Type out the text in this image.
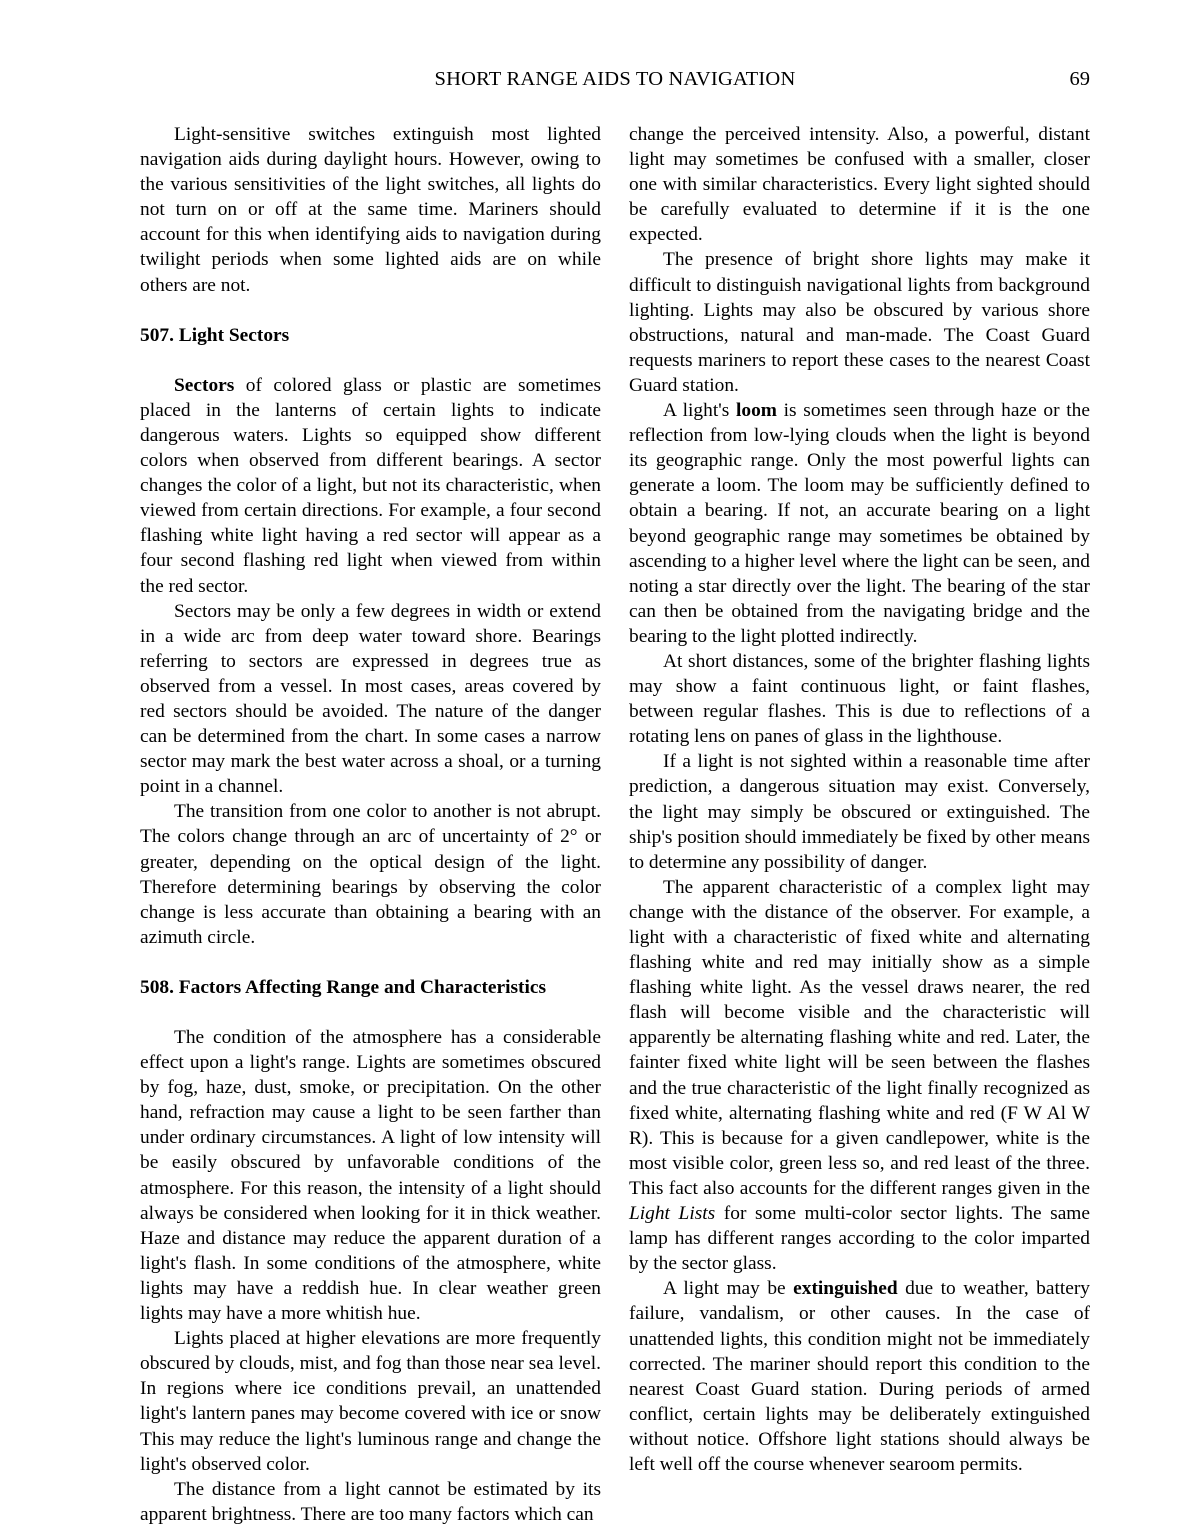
SHORT RANGE AIDS TO NAVIGATION	69

Light-sensitive switches extinguish most lighted navigation aids during daylight hours. However, owing to the various sensitivities of the light switches, all lights do not turn on or off at the same time. Mariners should account for this when identifying aids to navigation during twilight periods when some lighted aids are on while others are not.

507. Light Sectors

Sectors of colored glass or plastic are sometimes placed in the lanterns of certain lights to indicate dangerous waters. Lights so equipped show different colors when observed from different bearings. A sector changes the color of a light, but not its characteristic, when viewed from certain directions. For example, a four second flashing white light having a red sector will appear as a four second flashing red light when viewed from within the red sector.

Sectors may be only a few degrees in width or extend in a wide arc from deep water toward shore. Bearings referring to sectors are expressed in degrees true as observed from a vessel. In most cases, areas covered by red sectors should be avoided. The nature of the danger can be determined from the chart. In some cases a narrow sector may mark the best water across a shoal, or a turning point in a channel.

The transition from one color to another is not abrupt. The colors change through an arc of uncertainty of 2° or greater, depending on the optical design of the light. Therefore determining bearings by observing the color change is less accurate than obtaining a bearing with an azimuth circle.

508. Factors Affecting Range and Characteristics

The condition of the atmosphere has a considerable effect upon a light's range. Lights are sometimes obscured by fog, haze, dust, smoke, or precipitation. On the other hand, refraction may cause a light to be seen farther than under ordinary circumstances. A light of low intensity will be easily obscured by unfavorable conditions of the atmosphere. For this reason, the intensity of a light should always be considered when looking for it in thick weather. Haze and distance may reduce the apparent duration of a light's flash. In some conditions of the atmosphere, white lights may have a reddish hue. In clear weather green lights may have a more whitish hue.

Lights placed at higher elevations are more frequently obscured by clouds, mist, and fog than those near sea level. In regions where ice conditions prevail, an unattended light's lantern panes may become covered with ice or snow This may reduce the light's luminous range and change the light's observed color.

The distance from a light cannot be estimated by its apparent brightness. There are too many factors which can

change the perceived intensity. Also, a powerful, distant light may sometimes be confused with a smaller, closer one with similar characteristics. Every light sighted should be carefully evaluated to determine if it is the one expected.

The presence of bright shore lights may make it difficult to distinguish navigational lights from background lighting. Lights may also be obscured by various shore obstructions, natural and man-made. The Coast Guard requests mariners to report these cases to the nearest Coast Guard station.

A light's loom is sometimes seen through haze or the reflection from low-lying clouds when the light is beyond its geographic range. Only the most powerful lights can generate a loom. The loom may be sufficiently defined to obtain a bearing. If not, an accurate bearing on a light beyond geographic range may sometimes be obtained by ascending to a higher level where the light can be seen, and noting a star directly over the light. The bearing of the star can then be obtained from the navigating bridge and the bearing to the light plotted indirectly.

At short distances, some of the brighter flashing lights may show a faint continuous light, or faint flashes, between regular flashes. This is due to reflections of a rotating lens on panes of glass in the lighthouse.

If a light is not sighted within a reasonable time after prediction, a dangerous situation may exist. Conversely, the light may simply be obscured or extinguished. The ship's position should immediately be fixed by other means to determine any possibility of danger.

The apparent characteristic of a complex light may change with the distance of the observer. For example, a light with a characteristic of fixed white and alternating flashing white and red may initially show as a simple flashing white light. As the vessel draws nearer, the red flash will become visible and the characteristic will apparently be alternating flashing white and red. Later, the fainter fixed white light will be seen between the flashes and the true characteristic of the light finally recognized as fixed white, alternating flashing white and red (F W Al W R). This is because for a given candlepower, white is the most visible color, green less so, and red least of the three. This fact also accounts for the different ranges given in the Light Lists for some multi-color sector lights. The same lamp has different ranges according to the color imparted by the sector glass.

A light may be extinguished due to weather, battery failure, vandalism, or other causes. In the case of unattended lights, this condition might not be immediately corrected. The mariner should report this condition to the nearest Coast Guard station. During periods of armed conflict, certain lights may be deliberately extinguished without notice. Offshore light stations should always be left well off the course whenever searoom permits.
